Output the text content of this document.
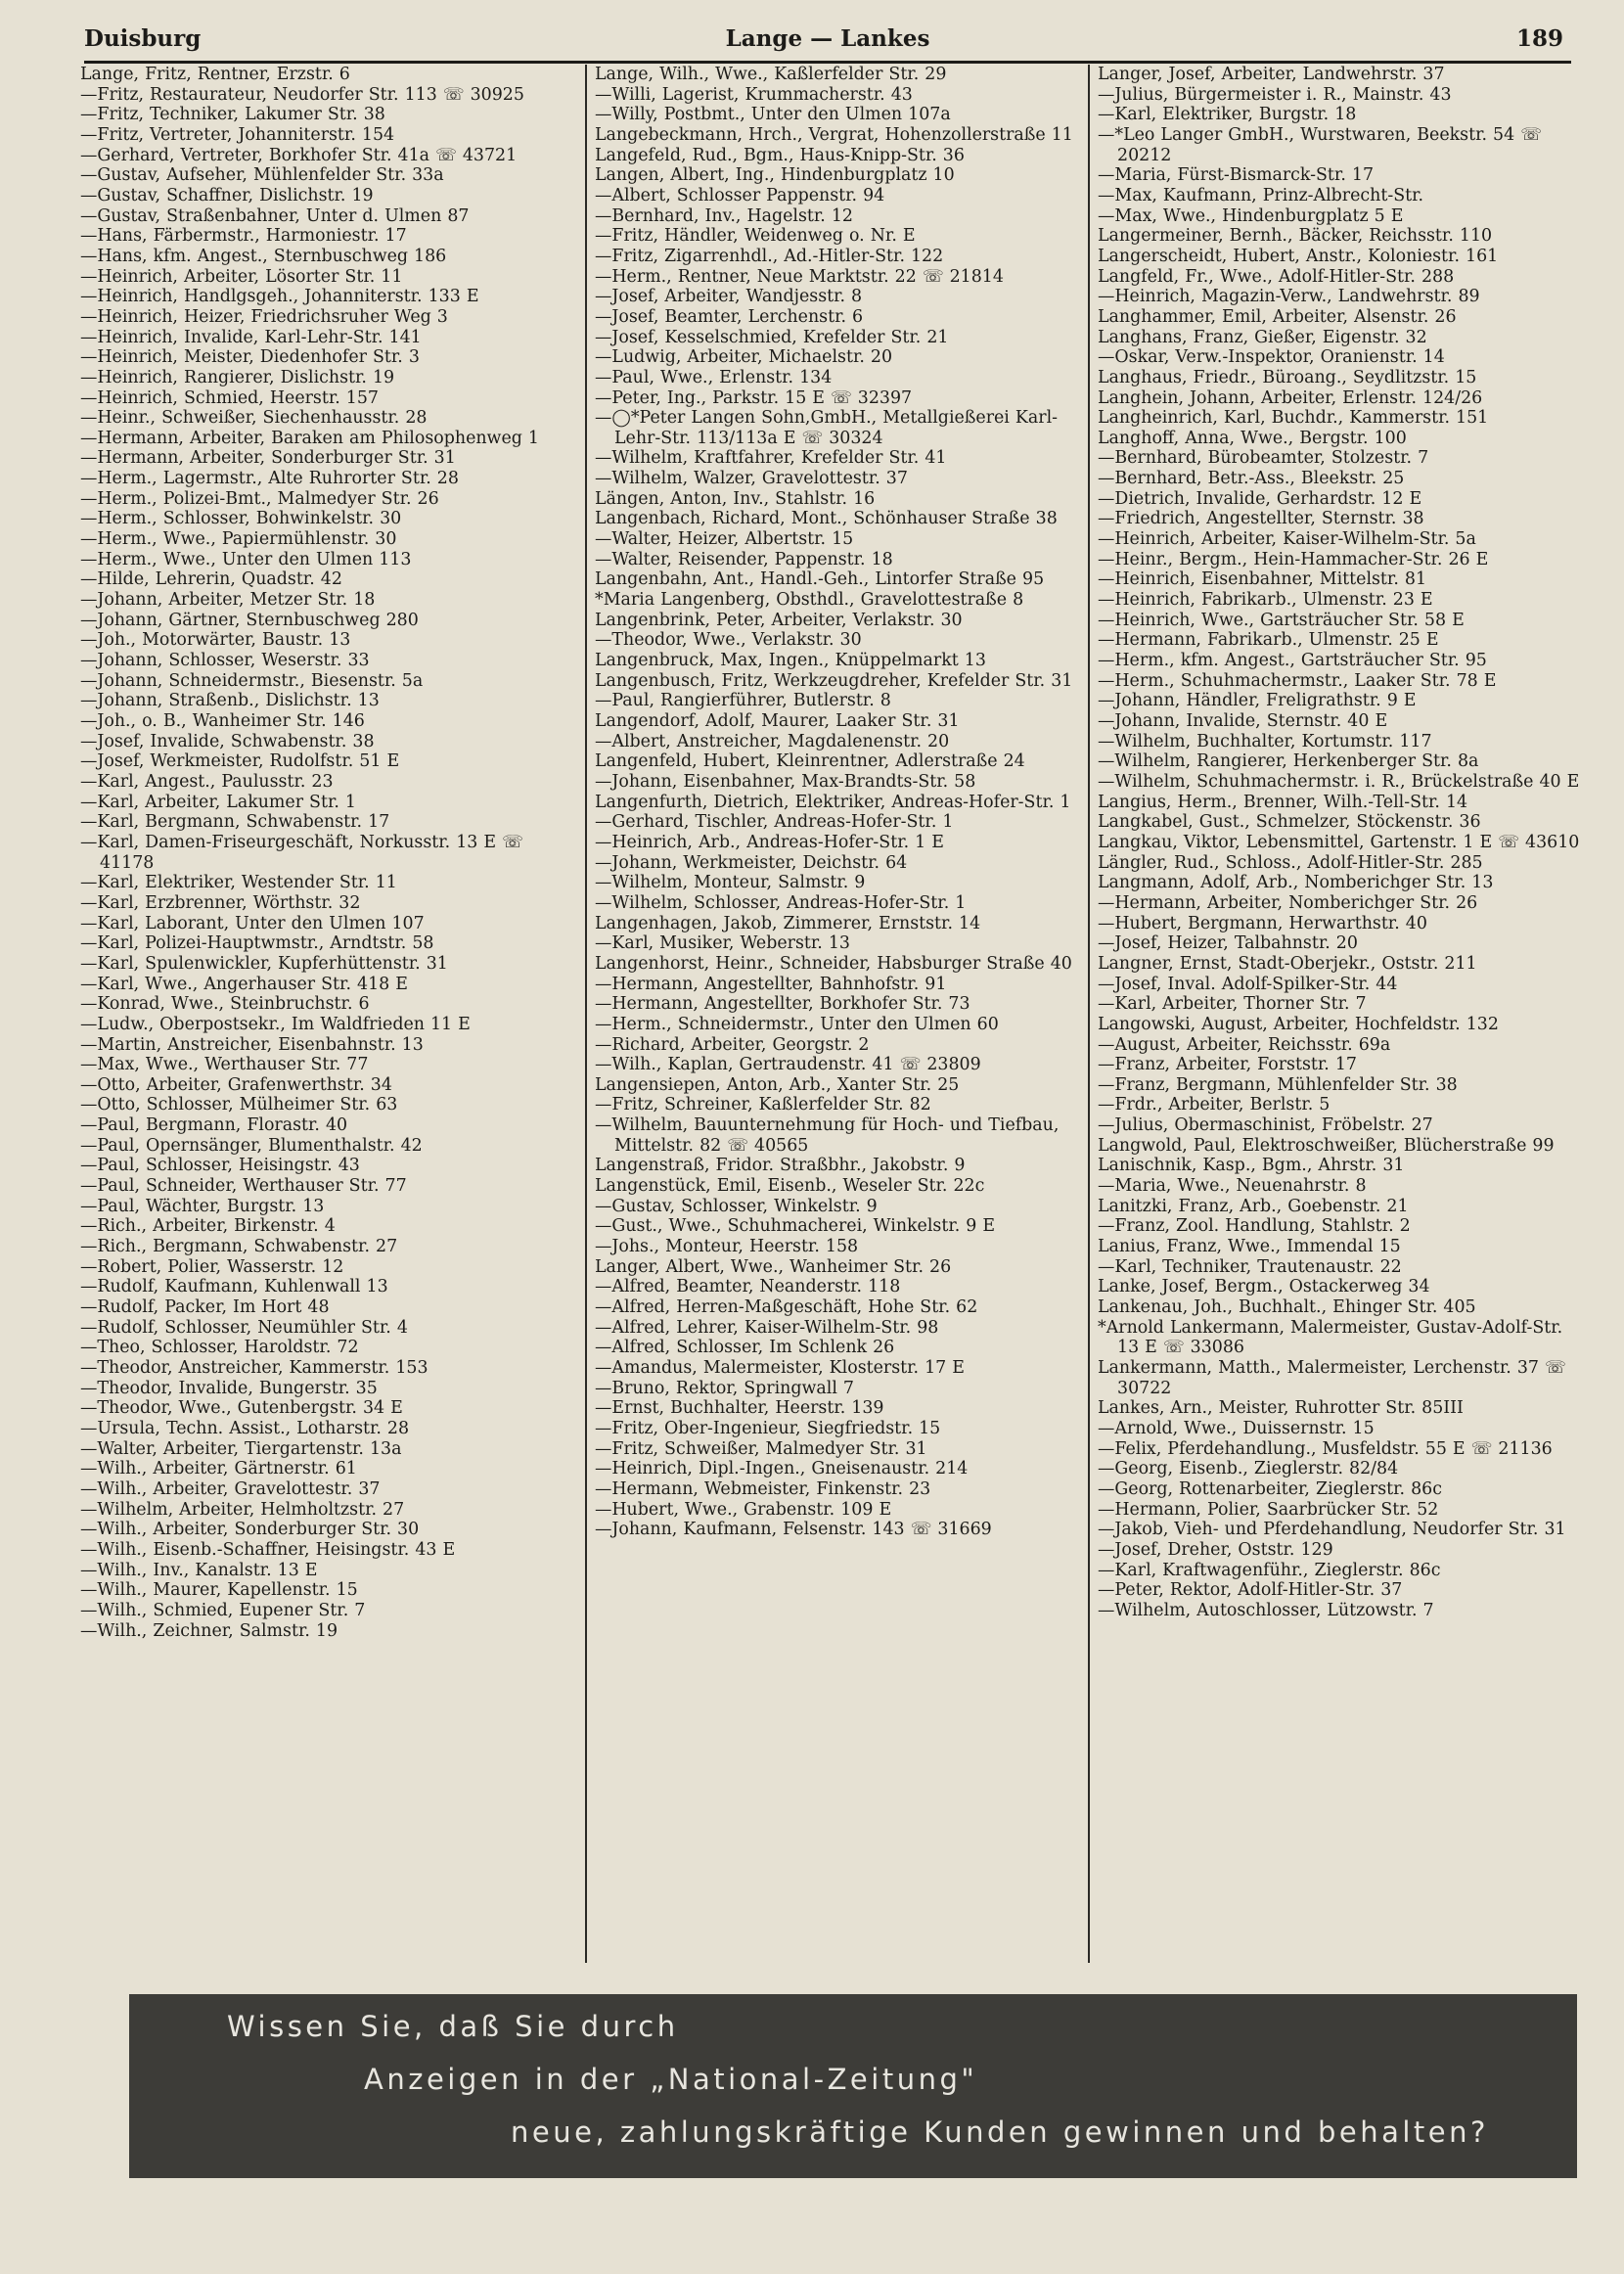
Duisburg	Lange — Lankes	189

Lange, Fritz, Rentner, Erzstr. 6

—Fritz, Restaurateur, Neudorfer Str. 113 ☏ 30925

—Fritz, Techniker, Lakumer Str. 38

—Fritz, Vertreter, Johanniterstr. 154

—Gerhard, Vertreter, Borkhofer Str. 41a ☏ 43721

—Gustav, Aufseher, Mühlenfelder Str. 33a

—Gustav, Schaffner, Dislichstr. 19

—Gustav, Straßenbahner, Unter d. Ulmen 87

—Hans, Färbermstr., Harmoniestr. 17

—Hans, kfm. Angest., Sternbuschweg 186

—Heinrich, Arbeiter, Lösorter Str. 11

—Heinrich, Handlgsgeh., Johanniterstr. 133 E

—Heinrich, Heizer, Friedrichsruher Weg 3

—Heinrich, Invalide, Karl-Lehr-Str. 141

—Heinrich, Meister, Diedenhofer Str. 3

—Heinrich, Rangierer, Dislichstr. 19

—Heinrich, Schmied, Heerstr. 157

—Heinr., Schweißer, Siechenhausstr. 28

—Hermann, Arbeiter, Baraken am Philosophenweg 1

—Hermann, Arbeiter, Sonderburger Str. 31

—Herm., Lagermstr., Alte Ruhrorter Str. 28

—Herm., Polizei-Bmt., Malmedyer Str. 26

—Herm., Schlosser, Bohwinkelstr. 30

—Herm., Wwe., Papiermühlenstr. 30

—Herm., Wwe., Unter den Ulmen 113

—Hilde, Lehrerin, Quadstr. 42

—Johann, Arbeiter, Metzer Str. 18

—Johann, Gärtner, Sternbuschweg 280

—Joh., Motorwärter, Baustr. 13

—Johann, Schlosser, Weserstr. 33

—Johann, Schneidermstr., Biesenstr. 5a

—Johann, Straßenb., Dislichstr. 13

—Joh., o. B., Wanheimer Str. 146

—Josef, Invalide, Schwabenstr. 38

—Josef, Werkmeister, Rudolfstr. 51 E

—Karl, Angest., Paulusstr. 23

—Karl, Arbeiter, Lakumer Str. 1

—Karl, Bergmann, Schwabenstr. 17

—Karl, Damen-Friseurgeschäft, Norkusstr. 13 E ☏ 41178

—Karl, Elektriker, Westender Str. 11

—Karl, Erzbrenner, Wörthstr. 32

—Karl, Laborant, Unter den Ulmen 107

—Karl, Polizei-Hauptwmstr., Arndtstr. 58

—Karl, Spulenwickler, Kupferhüttenstr. 31

—Karl, Wwe., Angerhauser Str. 418 E

—Konrad, Wwe., Steinbruchstr. 6

—Ludw., Oberpostsekr., Im Waldfrieden 11 E

—Martin, Anstreicher, Eisenbahnstr. 13

—Max, Wwe., Werthauser Str. 77

—Otto, Arbeiter, Grafenwerthstr. 34

—Otto, Schlosser, Mülheimer Str. 63

—Paul, Bergmann, Florastr. 40

—Paul, Opernsänger, Blumenthalstr. 42

—Paul, Schlosser, Heisingstr. 43

—Paul, Schneider, Werthauser Str. 77

—Paul, Wächter, Burgstr. 13

—Rich., Arbeiter, Birkenstr. 4

—Rich., Bergmann, Schwabenstr. 27

—Robert, Polier, Wasserstr. 12

—Rudolf, Kaufmann, Kuhlenwall 13

—Rudolf, Packer, Im Hort 48

—Rudolf, Schlosser, Neumühler Str. 4

—Theo, Schlosser, Haroldstr. 72

—Theodor, Anstreicher, Kammerstr. 153

—Theodor, Invalide, Bungerstr. 35

—Theodor, Wwe., Gutenbergstr. 34 E

—Ursula, Techn. Assist., Lotharstr. 28

—Walter, Arbeiter, Tiergartenstr. 13a

—Wilh., Arbeiter, Gärtnerstr. 61

—Wilh., Arbeiter, Gravelottestr. 37

—Wilhelm, Arbeiter, Helmholtzstr. 27

—Wilh., Arbeiter, Sonderburger Str. 30

—Wilh., Eisenb.-Schaffner, Heisingstr. 43 E

—Wilh., Inv., Kanalstr. 13 E

—Wilh., Maurer, Kapellenstr. 15

—Wilh., Schmied, Eupener Str. 7

—Wilh., Zeichner, Salmstr. 19

Lange, Wilh., Wwe., Kaßlerfelder Str. 29

—Willi, Lagerist, Krummacherstr. 43

—Willy, Postbmt., Unter den Ulmen 107a

Langebeckmann, Hrch., Vergrat, Hohenzollerstraße 11

Langefeld, Rud., Bgm., Haus-Knipp-Str. 36

Langen, Albert, Ing., Hindenburgplatz 10

—Albert, Schlosser Pappenstr. 94

—Bernhard, Inv., Hagelstr. 12

—Fritz, Händler, Weidenweg o. Nr. E

—Fritz, Zigarrenhdl., Ad.-Hitler-Str. 122

—Herm., Rentner, Neue Marktstr. 22 ☏ 21814

—Josef, Arbeiter, Wandjesstr. 8

—Josef, Beamter, Lerchenstr. 6

—Josef, Kesselschmied, Krefelder Str. 21

—Ludwig, Arbeiter, Michaelstr. 20

—Paul, Wwe., Erlenstr. 134

—Peter, Ing., Parkstr. 15 E ☏ 32397

—◯*Peter Langen Sohn,GmbH., Metallgießerei Karl-Lehr-Str. 113/113a E ☏ 30324

—Wilhelm, Kraftfahrer, Krefelder Str. 41

—Wilhelm, Walzer, Gravelottestr. 37

Längen, Anton, Inv., Stahlstr. 16

Langenbach, Richard, Mont., Schönhauser Straße 38

—Walter, Heizer, Albertstr. 15

—Walter, Reisender, Pappenstr. 18

Langenbahn, Ant., Handl.-Geh., Lintorfer Straße 95

*Maria Langenberg, Obsthdl., Gravelottestraße 8

Langenbrink, Peter, Arbeiter, Verlakstr. 30

—Theodor, Wwe., Verlakstr. 30

Langenbruck, Max, Ingen., Knüppelmarkt 13

Langenbusch, Fritz, Werkzeugdreher, Krefelder Str. 31

—Paul, Rangierführer, Butlerstr. 8

Langendorf, Adolf, Maurer, Laaker Str. 31

—Albert, Anstreicher, Magdalenenstr. 20

Langenfeld, Hubert, Kleinrentner, Adlerstraße 24

—Johann, Eisenbahner, Max-Brandts-Str. 58

Langenfurth, Dietrich, Elektriker, Andreas-Hofer-Str. 1

—Gerhard, Tischler, Andreas-Hofer-Str. 1

—Heinrich, Arb., Andreas-Hofer-Str. 1 E

—Johann, Werkmeister, Deichstr. 64

—Wilhelm, Monteur, Salmstr. 9

—Wilhelm, Schlosser, Andreas-Hofer-Str. 1

Langenhagen, Jakob, Zimmerer, Ernststr. 14

—Karl, Musiker, Weberstr. 13

Langenhorst, Heinr., Schneider, Habsburger Straße 40

—Hermann, Angestellter, Bahnhofstr. 91

—Hermann, Angestellter, Borkhofer Str. 73

—Herm., Schneidermstr., Unter den Ulmen 60

—Richard, Arbeiter, Georgstr. 2

—Wilh., Kaplan, Gertraudenstr. 41 ☏ 23809

Langensiepen, Anton, Arb., Xanter Str. 25

—Fritz, Schreiner, Kaßlerfelder Str. 82

—Wilhelm, Bauunternehmung für Hoch- und Tiefbau, Mittelstr. 82 ☏ 40565

Langenstraß, Fridor. Straßbhr., Jakobstr. 9

Langenstück, Emil, Eisenb., Weseler Str. 22c

—Gustav, Schlosser, Winkelstr. 9

—Gust., Wwe., Schuhmacherei, Winkelstr. 9 E

—Johs., Monteur, Heerstr. 158

Langer, Albert, Wwe., Wanheimer Str. 26

—Alfred, Beamter, Neanderstr. 118

—Alfred, Herren-Maßgeschäft, Hohe Str. 62

—Alfred, Lehrer, Kaiser-Wilhelm-Str. 98

—Alfred, Schlosser, Im Schlenk 26

—Amandus, Malermeister, Klosterstr. 17 E

—Bruno, Rektor, Springwall 7

—Ernst, Buchhalter, Heerstr. 139

—Fritz, Ober-Ingenieur, Siegfriedstr. 15

—Fritz, Schweißer, Malmedyer Str. 31

—Heinrich, Dipl.-Ingen., Gneisenaustr. 214

—Hermann, Webmeister, Finkenstr. 23

—Hubert, Wwe., Grabenstr. 109 E

—Johann, Kaufmann, Felsenstr. 143 ☏ 31669

Langer, Josef, Arbeiter, Landwehrstr. 37

—Julius, Bürgermeister i. R., Mainstr. 43

—Karl, Elektriker, Burgstr. 18

—*Leo Langer GmbH., Wurstwaren, Beekstr. 54 ☏ 20212

—Maria, Fürst-Bismarck-Str. 17

—Max, Kaufmann, Prinz-Albrecht-Str.

—Max, Wwe., Hindenburgplatz 5 E

Langermeiner, Bernh., Bäcker, Reichsstr. 110

Langerscheidt, Hubert, Anstr., Koloniestr. 161

Langfeld, Fr., Wwe., Adolf-Hitler-Str. 288

—Heinrich, Magazin-Verw., Landwehrstr. 89

Langhammer, Emil, Arbeiter, Alsenstr. 26

Langhans, Franz, Gießer, Eigenstr. 32

—Oskar, Verw.-Inspektor, Oranienstr. 14

Langhaus, Friedr., Büroang., Seydlitzstr. 15

Langhein, Johann, Arbeiter, Erlenstr. 124/26

Langheinrich, Karl, Buchdr., Kammerstr. 151

Langhoff, Anna, Wwe., Bergstr. 100

—Bernhard, Bürobeamter, Stolzestr. 7

—Bernhard, Betr.-Ass., Bleekstr. 25

—Dietrich, Invalide, Gerhardstr. 12 E

—Friedrich, Angestellter, Sternstr. 38

—Heinrich, Arbeiter, Kaiser-Wilhelm-Str. 5a

—Heinr., Bergm., Hein-Hammacher-Str. 26 E

—Heinrich, Eisenbahner, Mittelstr. 81

—Heinrich, Fabrikarb., Ulmenstr. 23 E

—Heinrich, Wwe., Gartsträucher Str. 58 E

—Hermann, Fabrikarb., Ulmenstr. 25 E

—Herm., kfm. Angest., Gartsträucher Str. 95

—Herm., Schuhmachermstr., Laaker Str. 78 E

—Johann, Händler, Freligrathstr. 9 E

—Johann, Invalide, Sternstr. 40 E

—Wilhelm, Buchhalter, Kortumstr. 117

—Wilhelm, Rangierer, Herkenberger Str. 8a

—Wilhelm, Schuhmachermstr. i. R., Brückelstraße 40 E

Langius, Herm., Brenner, Wilh.-Tell-Str. 14

Langkabel, Gust., Schmelzer, Stöckenstr. 36

Langkau, Viktor, Lebensmittel, Gartenstr. 1 E ☏ 43610

Längler, Rud., Schloss., Adolf-Hitler-Str. 285

Langmann, Adolf, Arb., Nomberichger Str. 13

—Hermann, Arbeiter, Nomberichger Str. 26

—Hubert, Bergmann, Herwarthstr. 40

—Josef, Heizer, Talbahnstr. 20

Langner, Ernst, Stadt-Oberjekr., Oststr. 211

—Josef, Inval. Adolf-Spilker-Str. 44

—Karl, Arbeiter, Thorner Str. 7

Langowski, August, Arbeiter, Hochfeldstr. 132

—August, Arbeiter, Reichsstr. 69a

—Franz, Arbeiter, Forststr. 17

—Franz, Bergmann, Mühlenfelder Str. 38

—Frdr., Arbeiter, Berlstr. 5

—Julius, Obermaschinist, Fröbelstr. 27

Langwold, Paul, Elektroschweißer, Blücherstraße 99

Lanischnik, Kasp., Bgm., Ahrstr. 31

—Maria, Wwe., Neuenahrstr. 8

Lanitzki, Franz, Arb., Goebenstr. 21

—Franz, Zool. Handlung, Stahlstr. 2

Lanius, Franz, Wwe., Immendal 15

—Karl, Techniker, Trautenaustr. 22

Lanke, Josef, Bergm., Ostackerweg 34

Lankenau, Joh., Buchhalt., Ehinger Str. 405

*Arnold Lankermann, Malermeister, Gustav-Adolf-Str. 13 E ☏ 33086

Lankermann, Matth., Malermeister, Lerchenstr. 37 ☏ 30722

Lankes, Arn., Meister, Ruhrotter Str. 85III

—Arnold, Wwe., Duissernstr. 15

—Felix, Pferdehandlung., Musfeldstr. 55 E ☏ 21136

—Georg, Eisenb., Zieglerstr. 82/84

—Georg, Rottenarbeiter, Zieglerstr. 86c

—Hermann, Polier, Saarbrücker Str. 52

—Jakob, Vieh- und Pferdehandlung, Neudorfer Str. 31

—Josef, Dreher, Oststr. 129

—Karl, Kraftwagenführ., Zieglerstr. 86c

—Peter, Rektor, Adolf-Hitler-Str. 37

—Wilhelm, Autoschlosser, Lützowstr. 7

Wissen Sie, daß Sie durch
Anzeigen in der „National-Zeitung"
neue, zahlungskräftige Kunden gewinnen und behalten?
